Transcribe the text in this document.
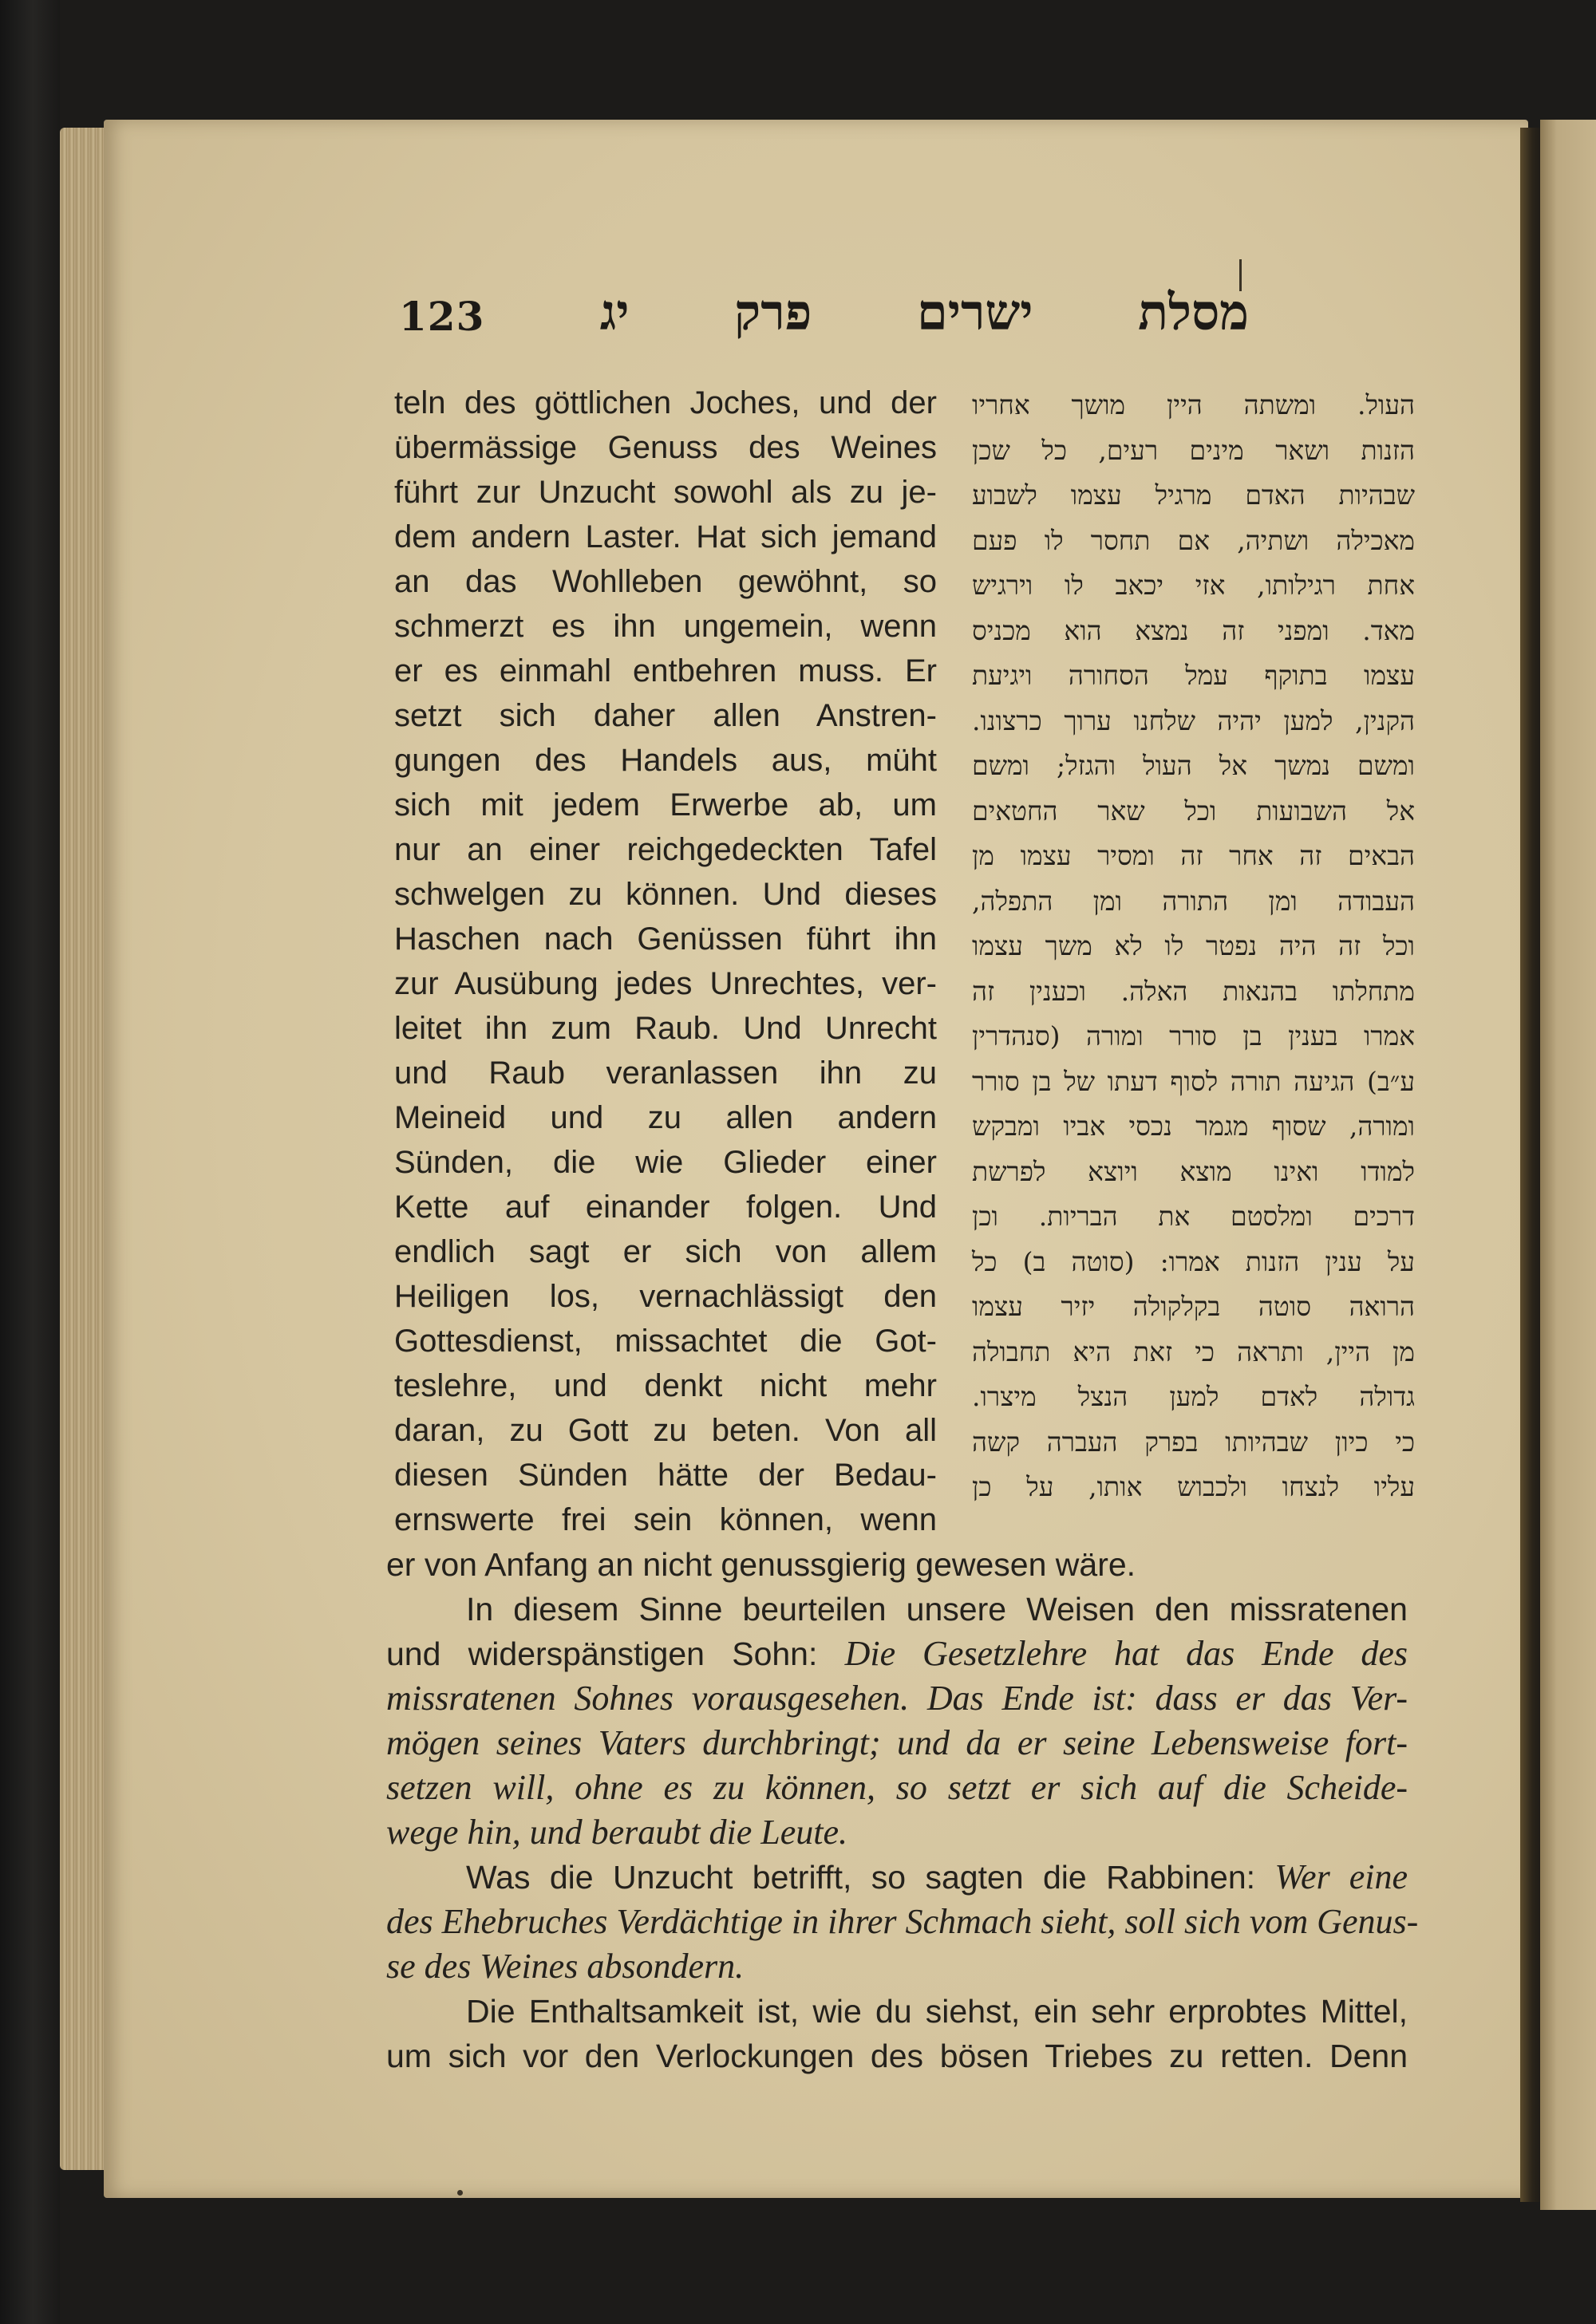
123	מסלת ישרים פרק יג
teln des göttlichen Joches, und der
übermässige Genuss des Weines
führt zur Unzucht sowohl als zu je-
dem andern Laster. Hat sich jemand
an das Wohlleben gewöhnt, so
schmerzt es ihn ungemein, wenn
er es einmahl entbehren muss. Er
setzt sich daher allen Anstren-
gungen des Handels aus, müht
sich mit jedem Erwerbe ab, um
nur an einer reichgedeckten Tafel
schwelgen zu können. Und dieses
Haschen nach Genüssen führt ihn
zur Ausübung jedes Unrechtes, ver-
leitet ihn zum Raub. Und Unrecht
und Raub veranlassen ihn zu
Meineid und zu allen andern
Sünden, die wie Glieder einer
Kette auf einander folgen. Und
endlich sagt er sich von allem
Heiligen los, vernachlässigt den
Gottesdienst, missachtet die Got-
teslehre, und denkt nicht mehr
daran, zu Gott zu beten. Von all
diesen Sünden hätte der Bedau-
ernswerte frei sein können, wenn
העול. ומשתה היין מושך אחריו
הזנות ושאר מינים רעים, כל שכן
שבהיות האדם מרגיל עצמו לשבוע
מאכילה ושתיה, אם תחסר לו פעם
אחת רגילותו, אזי יכאב לו וירגיש
מאד. ומפני זה נמצא הוא מכניס
עצמו בתוקף עמל הסחורה ויגיעת
הקנין, למען יהיה שלחנו ערוך כרצונו.
ומשם נמשך אל העול והגזל; ומשם
אל השבועות וכל שאר החטאים
הבאים זה אחר זה ומסיר עצמו מן
העבודה ומן התורה ומן התפלה,
וכל זה היה נפטר לו לא משך עצמו
מתחלתו בהנאות האלה. וכענין זה
אמרו בענין בן סורר ומורה (סנהדרין
ע״ב) הגיעה תורה לסוף דעתו של בן סורר
ומורה, שסוף מגמר נכסי אביו ומבקש
למודו ואינו מוצא ויוצא לפרשת
דרכים ומלסטם את הבריות. וכן
על ענין הזנות אמרו: (סוטה ב) כל
הרואה סוטה בקלקולה יזיר עצמו
מן היין, ותראה כי זאת היא תחבולה
גדולה לאדם למען הנצל מיצרו.
כי כיון שבהיותו בפרק העברה קשה
עליו לנצחו ולכבוש אותו, על כן
er von Anfang an nicht genussgierig gewesen wäre.
In diesem Sinne beurteilen unsere Weisen den missratenen
und widerspänstigen Sohn: Die Gesetzlehre hat das Ende des
missratenen Sohnes vorausgesehen. Das Ende ist: dass er das Ver-
mögen seines Vaters durchbringt; und da er seine Lebensweise fort-
setzen will, ohne es zu können, so setzt er sich auf die Scheide-
wege hin, und beraubt die Leute.
Was die Unzucht betrifft, so sagten die Rabbinen: Wer eine
des Ehebruches Verdächtige in ihrer Schmach sieht, soll sich vom Genus-
se des Weines absondern.
Die Enthaltsamkeit ist, wie du siehst, ein sehr erprobtes Mittel,
um sich vor den Verlockungen des bösen Triebes zu retten. Denn
